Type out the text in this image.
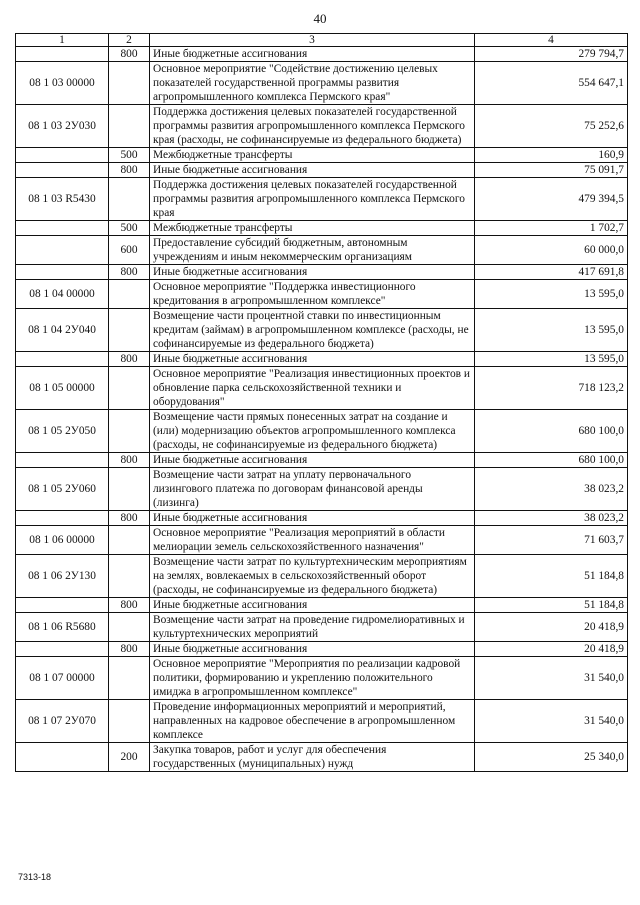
40
1	2	3	4
	800	Иные бюджетные ассигнования	279 794,7
08 1 03 00000		Основное мероприятие "Содействие достижению целевых показателей государственной программы развития агропромышленного комплекса Пермского края"	554 647,1
08 1 03 2У030		Поддержка достижения целевых показателей государственной программы развития агропромышленного комплекса Пермского края (расходы, не софинансируемые из федерального бюджета)	75 252,6
	500	Межбюджетные трансферты	160,9
	800	Иные бюджетные ассигнования	75 091,7
08 1 03 R5430		Поддержка достижения целевых показателей государственной программы развития агропромышленного комплекса Пермского края	479 394,5
	500	Межбюджетные трансферты	1 702,7
	600	Предоставление субсидий бюджетным, автономным учреждениям и иным некоммерческим организациям	60 000,0
	800	Иные бюджетные ассигнования	417 691,8
08 1 04 00000		Основное мероприятие "Поддержка инвестиционного кредитования в агропромышленном комплексе"	13 595,0
08 1 04 2У040		Возмещение части процентной ставки по инвестиционным кредитам (займам) в агропромышленном комплексе (расходы, не софинансируемые из федерального бюджета)	13 595,0
	800	Иные бюджетные ассигнования	13 595,0
08 1 05 00000		Основное мероприятие "Реализация инвестиционных проектов и обновление парка сельскохозяйственной техники и оборудования"	718 123,2
08 1 05 2У050		Возмещение части прямых понесенных затрат на создание и (или) модернизацию объектов агропромышленного комплекса (расходы, не софинансируемые из федерального бюджета)	680 100,0
	800	Иные бюджетные ассигнования	680 100,0
08 1 05 2У060		Возмещение части затрат на уплату первоначального лизингового платежа по договорам финансовой аренды (лизинга)	38 023,2
	800	Иные бюджетные ассигнования	38 023,2
08 1 06 00000		Основное мероприятие "Реализация мероприятий в области мелиорации земель сельскохозяйственного назначения"	71 603,7
08 1 06 2У130		Возмещение части затрат по культуртехническим мероприятиям на землях, вовлекаемых в сельскохозяйственный оборот (расходы, не софинансируемые из федерального бюджета)	51 184,8
	800	Иные бюджетные ассигнования	51 184,8
08 1 06 R5680		Возмещение части затрат на проведение гидромелиоративных и культуртехнических мероприятий	20 418,9
	800	Иные бюджетные ассигнования	20 418,9
08 1 07 00000		Основное мероприятие "Мероприятия по реализации кадровой политики, формированию и укреплению положительного имиджа в агропромышленном комплексе"	31 540,0
08 1 07 2У070		Проведение информационных мероприятий и мероприятий, направленных на кадровое обеспечение в агропромышленном комплексе	31 540,0
	200	Закупка товаров, работ и услуг для обеспечения государственных (муниципальных) нужд	25 340,0
7313-18
